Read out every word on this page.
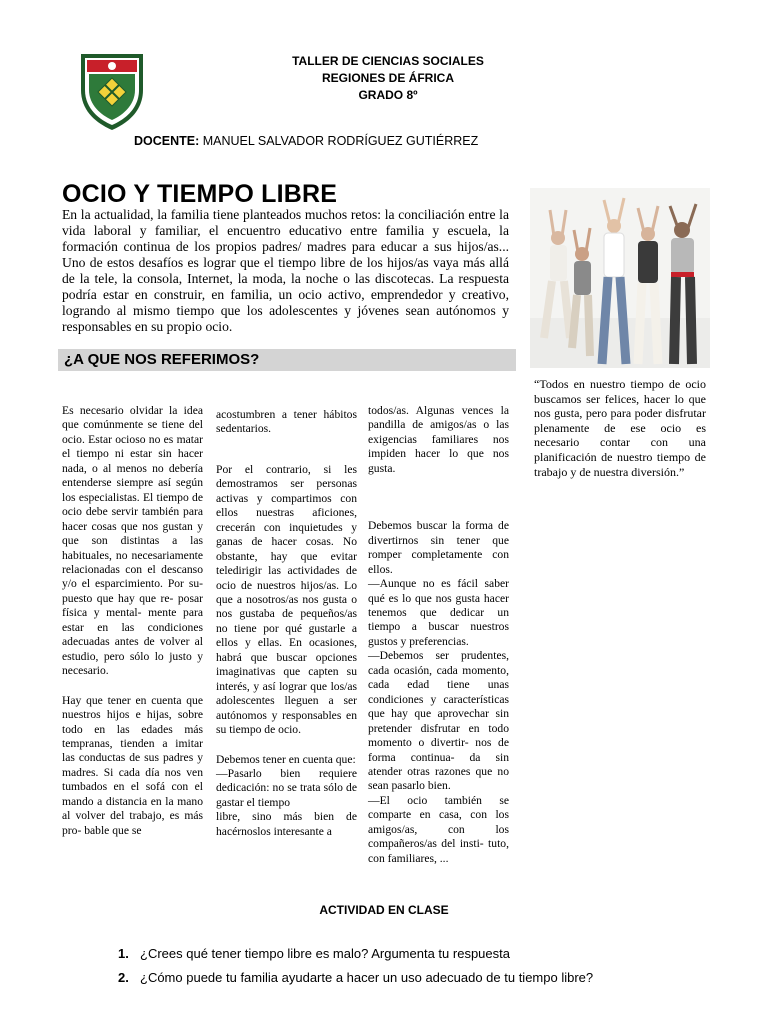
TALLER DE CIENCIAS SOCIALES
REGIONES DE ÁFRICA
GRADO 8º
DOCENTE: MANUEL SALVADOR RODRÍGUEZ GUTIÉRREZ
OCIO Y TIEMPO LIBRE
En la actualidad, la familia tiene planteados muchos retos: la conciliación entre la vida laboral y familiar, el encuentro educativo entre familia y escuela, la formación continua de los propios padres/ madres para educar a sus hijos/as... Uno de estos desafíos es lograr que el tiempo libre de los hijos/as vaya más allá de la tele, la consola, Internet, la moda, la noche o las discotecas. La respuesta podría estar en construir, en familia, un ocio activo, emprendedor y creativo, logrando al mismo tiempo que los adolescentes y jóvenes sean autónomos y responsables en su propio ocio.
¿A QUE NOS REFERIMOS?
“Todos en nuestro tiempo de ocio buscamos ser felices, hacer lo que nos gusta, pero para poder disfrutar plenamente de ese ocio es necesario contar con una planificación de nuestro tiempo de trabajo y de nuestra diversión.”

Es necesario olvidar la idea que comúnmente se tiene del ocio. Estar ocioso no es matar el tiempo ni estar sin hacer nada, o al menos no debería entenderse siempre así según los especialistas. El tiempo de ocio debe servir también para hacer cosas que nos gustan y que son distintas a las habituales, no necesariamente relacionadas con el descanso y/o el esparcimiento. Por su- puesto que hay que re- posar física y mental- mente para estar en las condiciones adecuadas antes de volver al estudio, pero sólo lo justo y necesario.

Hay que tener en cuenta que nuestros hijos e hijas, sobre todo en las edades más tempranas, tienden a imitar las conductas de sus padres y madres. Si cada día nos ven tumbados en el sofá con el mando a distancia en la mano al volver del trabajo, es más pro- bable que se

acostumbren a tener hábitos sedentarios.

Por el contrario, si les demostramos ser personas activas y compartimos con ellos nuestras aficiones, crecerán con inquietudes y ganas de hacer cosas. No obstante, hay que evitar teledirigir las actividades de ocio de nuestros hijos/as. Lo que a nosotros/as nos gusta o nos gustaba de pequeños/as no tiene por qué gustarle a ellos y ellas. En ocasiones, habrá que buscar opciones imaginativas que capten su interés, y así lograr que los/as adolescentes lleguen a ser autónomos y responsables en su tiempo de ocio.

Debemos tener en cuenta que:

—Pasarlo bien requiere dedicación: no se trata sólo de gastar el tiempo

libre, sino más bien de hacérnoslos interesante a

todos/as. Algunas vences la pandilla de amigos/as o las exigencias familiares nos impiden hacer lo que nos gusta.

Debemos buscar la forma de divertirnos sin tener que romper completamente con ellos.

—Aunque no es fácil saber qué es lo que nos gusta hacer tenemos que dedicar un tiempo a buscar nuestros gustos y preferencias.

—Debemos ser prudentes, cada ocasión, cada momento, cada edad tiene unas condiciones y características que hay que aprovechar sin pretender disfrutar en todo momento o divertir- nos de forma continua- da sin atender otras razones que no sean pasarlo bien.

—El ocio también se comparte en casa, con los amigos/as, con los compañeros/as del insti- tuto, con familiares, ...

ACTIVIDAD EN CLASE
1. ¿Crees qué tener tiempo libre es malo? Argumenta tu respuesta
2. ¿Cómo puede tu familia ayudarte a hacer un uso adecuado de tu tiempo libre?
